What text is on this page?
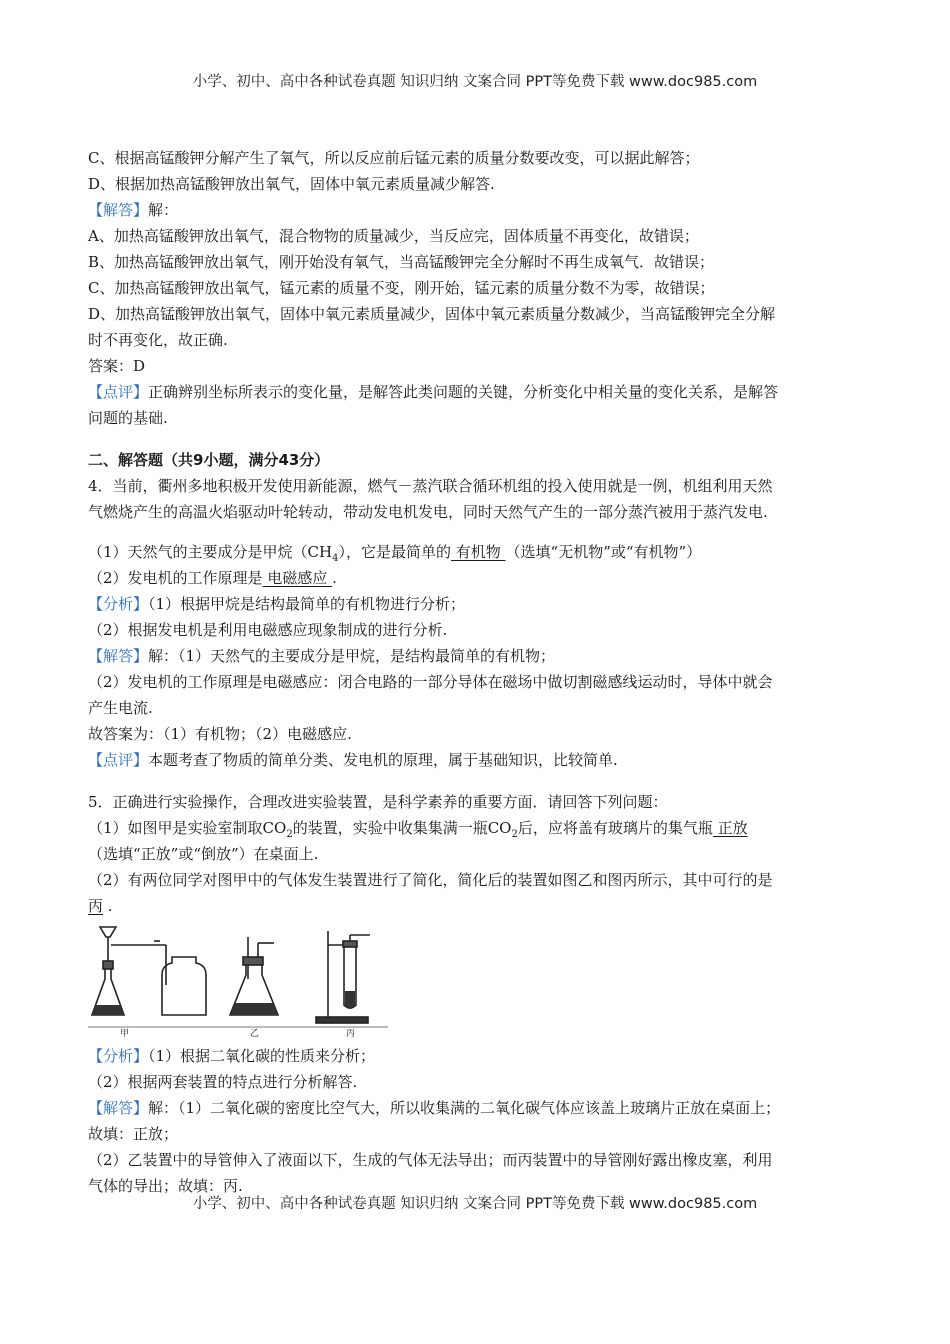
小学、初中、高中各种试卷真题 知识归纳 文案合同 PPT等免费下载 www.doc985.com
C、根据高锰酸钾分解产生了氧气，所以反应前后锰元素的质量分数要改变，可以据此解答；
D、根据加热高锰酸钾放出氧气，固体中氧元素质量减少解答.
【解答】解：
A、加热高锰酸钾放出氧气，混合物物的质量减少，当反应完，固体质量不再变化，故错误；
B、加热高锰酸钾放出氧气，刚开始没有氧气，当高锰酸钾完全分解时不再生成氧气．故错误；
C、加热高锰酸钾放出氧气，锰元素的质量不变，刚开始，锰元素的质量分数不为零，故错误；
D、加热高锰酸钾放出氧气，固体中氧元素质量减少，固体中氧元素质量分数减少，当高锰酸钾完全分解
时不再变化，故正确.
答案：D
【点评】正确辨别坐标所表示的变化量，是解答此类问题的关键，分析变化中相关量的变化关系，是解答
问题的基础.
二、解答题（共9小题，满分43分）
4．当前，衢州多地积极开发使用新能源，燃气－蒸汽联合循环机组的投入使用就是一例，机组利用天然
气燃烧产生的高温火焰驱动叶轮转动，带动发电机发电，同时天然气产生的一部分蒸汽被用于蒸汽发电.
（1）天然气的主要成分是甲烷$(CH_4)$，它是最简单的 有机物 （选填“无机物”或“有机物”）
（2）发电机的工作原理是 电磁感应 .
【分析】（1）根据甲烷是结构最简单的有机物进行分析；
（2）根据发电机是利用电磁感应现象制成的进行分析.
【解答】解：（1）天然气的主要成分是甲烷，是结构最简单的有机物；
（2）发电机的工作原理是电磁感应：闭合电路的一部分导体在磁场中做切割磁感线运动时，导体中就会
产生电流.
故答案为：（1）有机物；（2）电磁感应.
【点评】本题考查了物质的简单分类、发电机的原理，属于基础知识，比较简单.
5．正确进行实验操作，合理改进实验装置，是科学素养的重要方面．请回答下列问题：
（1）如图甲是实验室制取$CO_2$的装置，实验中收集集满一瓶$CO_2$后，应将盖有玻璃片的集气瓶 正放
（选填“正放”或“倒放”）在桌面上.
（2）有两位同学对图甲中的气体发生装置进行了简化，简化后的装置如图乙和图丙所示，其中可行的是
丙 .
甲	乙	丙
【分析】（1）根据二氧化碳的性质来分析；
（2）根据两套装置的特点进行分析解答.
【解答】解：（1）二氧化碳的密度比空气大，所以收集满的二氧化碳气体应该盖上玻璃片正放在桌面上；
故填：正放；
（2）乙装置中的导管伸入了液面以下，生成的气体无法导出；而丙装置中的导管刚好露出橡皮塞，利用
气体的导出；故填：丙.
小学、初中、高中各种试卷真题 知识归纳 文案合同 PPT等免费下载 www.doc985.com
